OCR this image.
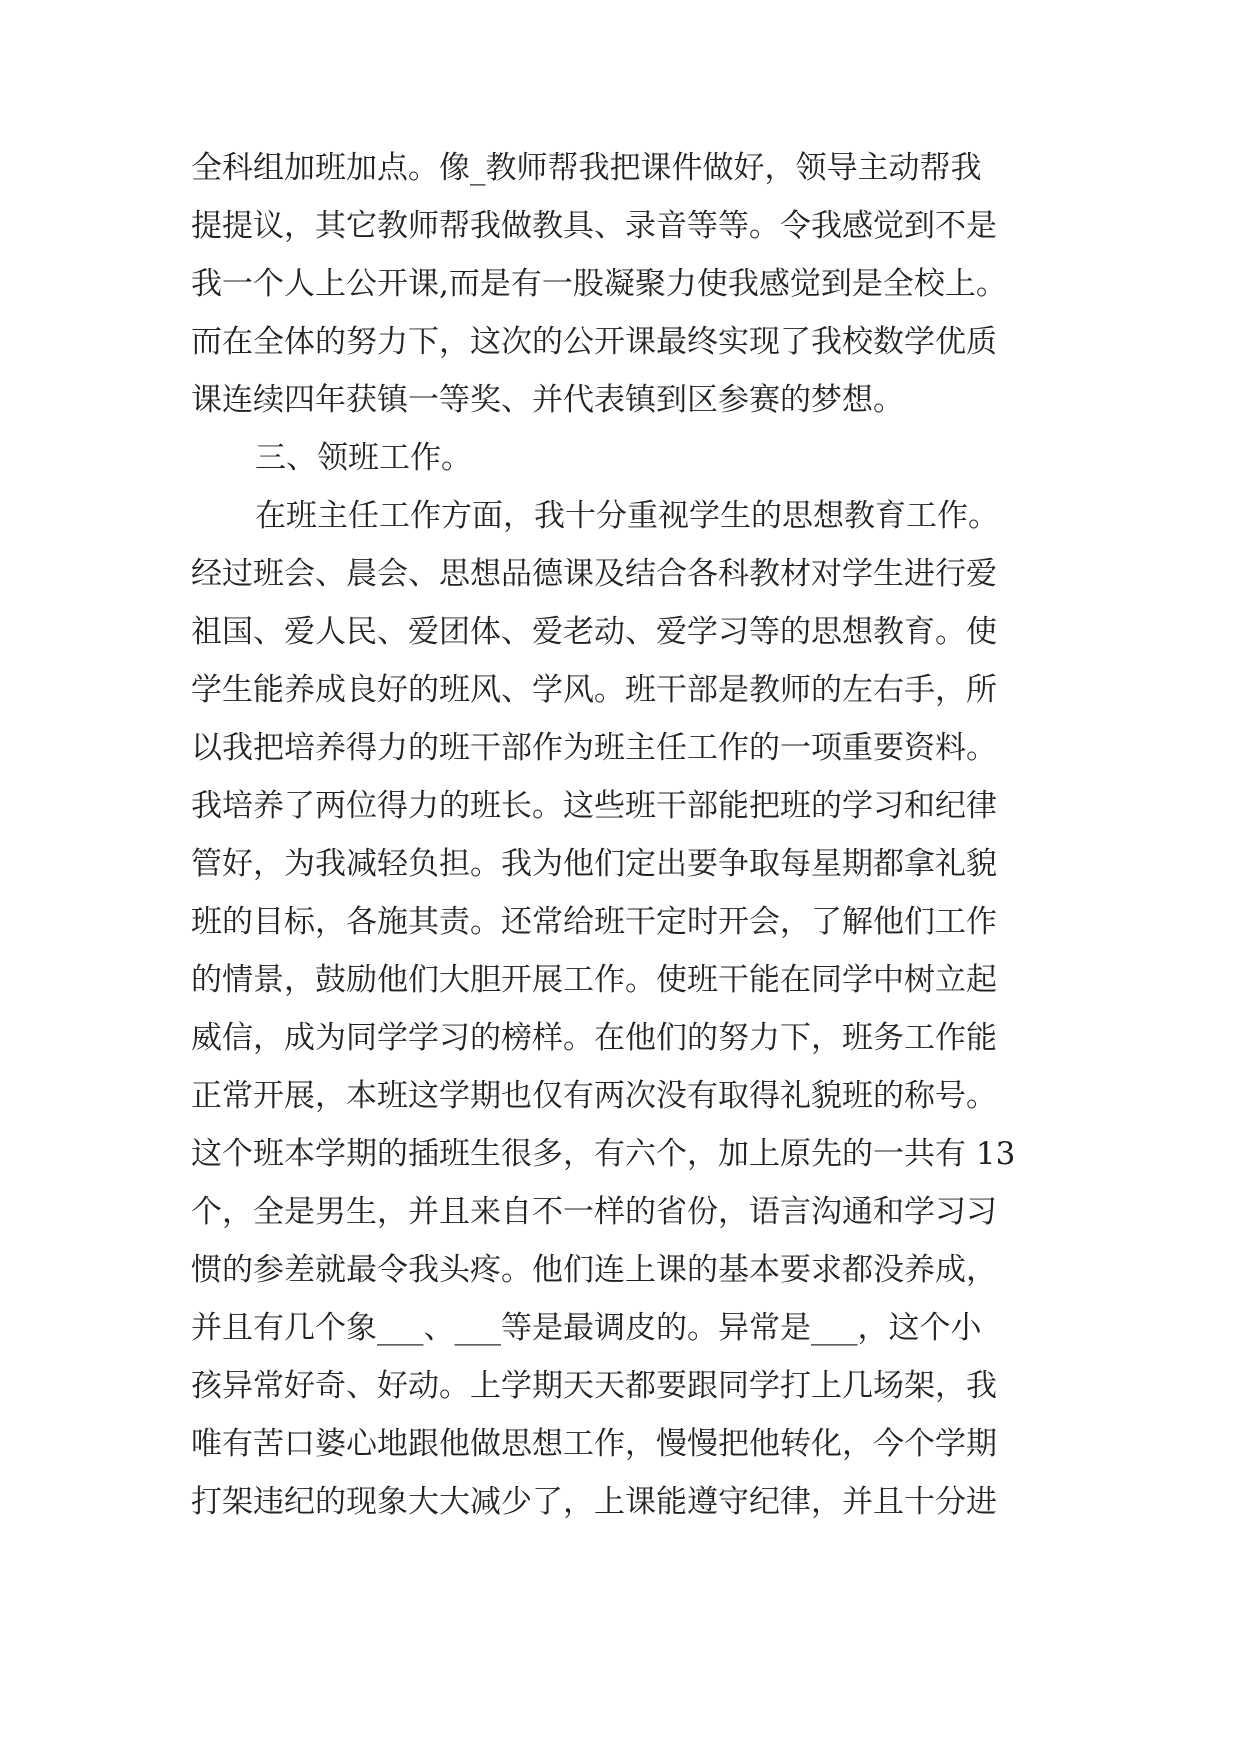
全科组加班加点。像_教师帮我把课件做好，领导主动帮我
提提议，其它教师帮我做教具、录音等等。令我感觉到不是
我一个人上公开课,而是有一股凝聚力使我感觉到是全校上。
而在全体的努力下，这次的公开课最终实现了我校数学优质
课连续四年获镇一等奖、并代表镇到区参赛的梦想。
三、领班工作。
在班主任工作方面，我十分重视学生的思想教育工作。
经过班会、晨会、思想品德课及结合各科教材对学生进行爱
祖国、爱人民、爱团体、爱老动、爱学习等的思想教育。使
学生能养成良好的班风、学风。班干部是教师的左右手，所
以我把培养得力的班干部作为班主任工作的一项重要资料。
我培养了两位得力的班长。这些班干部能把班的学习和纪律
管好，为我减轻负担。我为他们定出要争取每星期都拿礼貌
班的目标，各施其责。还常给班干定时开会，了解他们工作
的情景，鼓励他们大胆开展工作。使班干能在同学中树立起
威信，成为同学学习的榜样。在他们的努力下，班务工作能
正常开展，本班这学期也仅有两次没有取得礼貌班的称号。
这个班本学期的插班生很多，有六个，加上原先的一共有 13
个，全是男生，并且来自不一样的省份，语言沟通和学习习
惯的参差就最令我头疼。他们连上课的基本要求都没养成，
并且有几个象___、___等是最调皮的。异常是___，这个小
孩异常好奇、好动。上学期天天都要跟同学打上几场架，我
唯有苦口婆心地跟他做思想工作，慢慢把他转化，今个学期
打架违纪的现象大大减少了，上课能遵守纪律，并且十分进
